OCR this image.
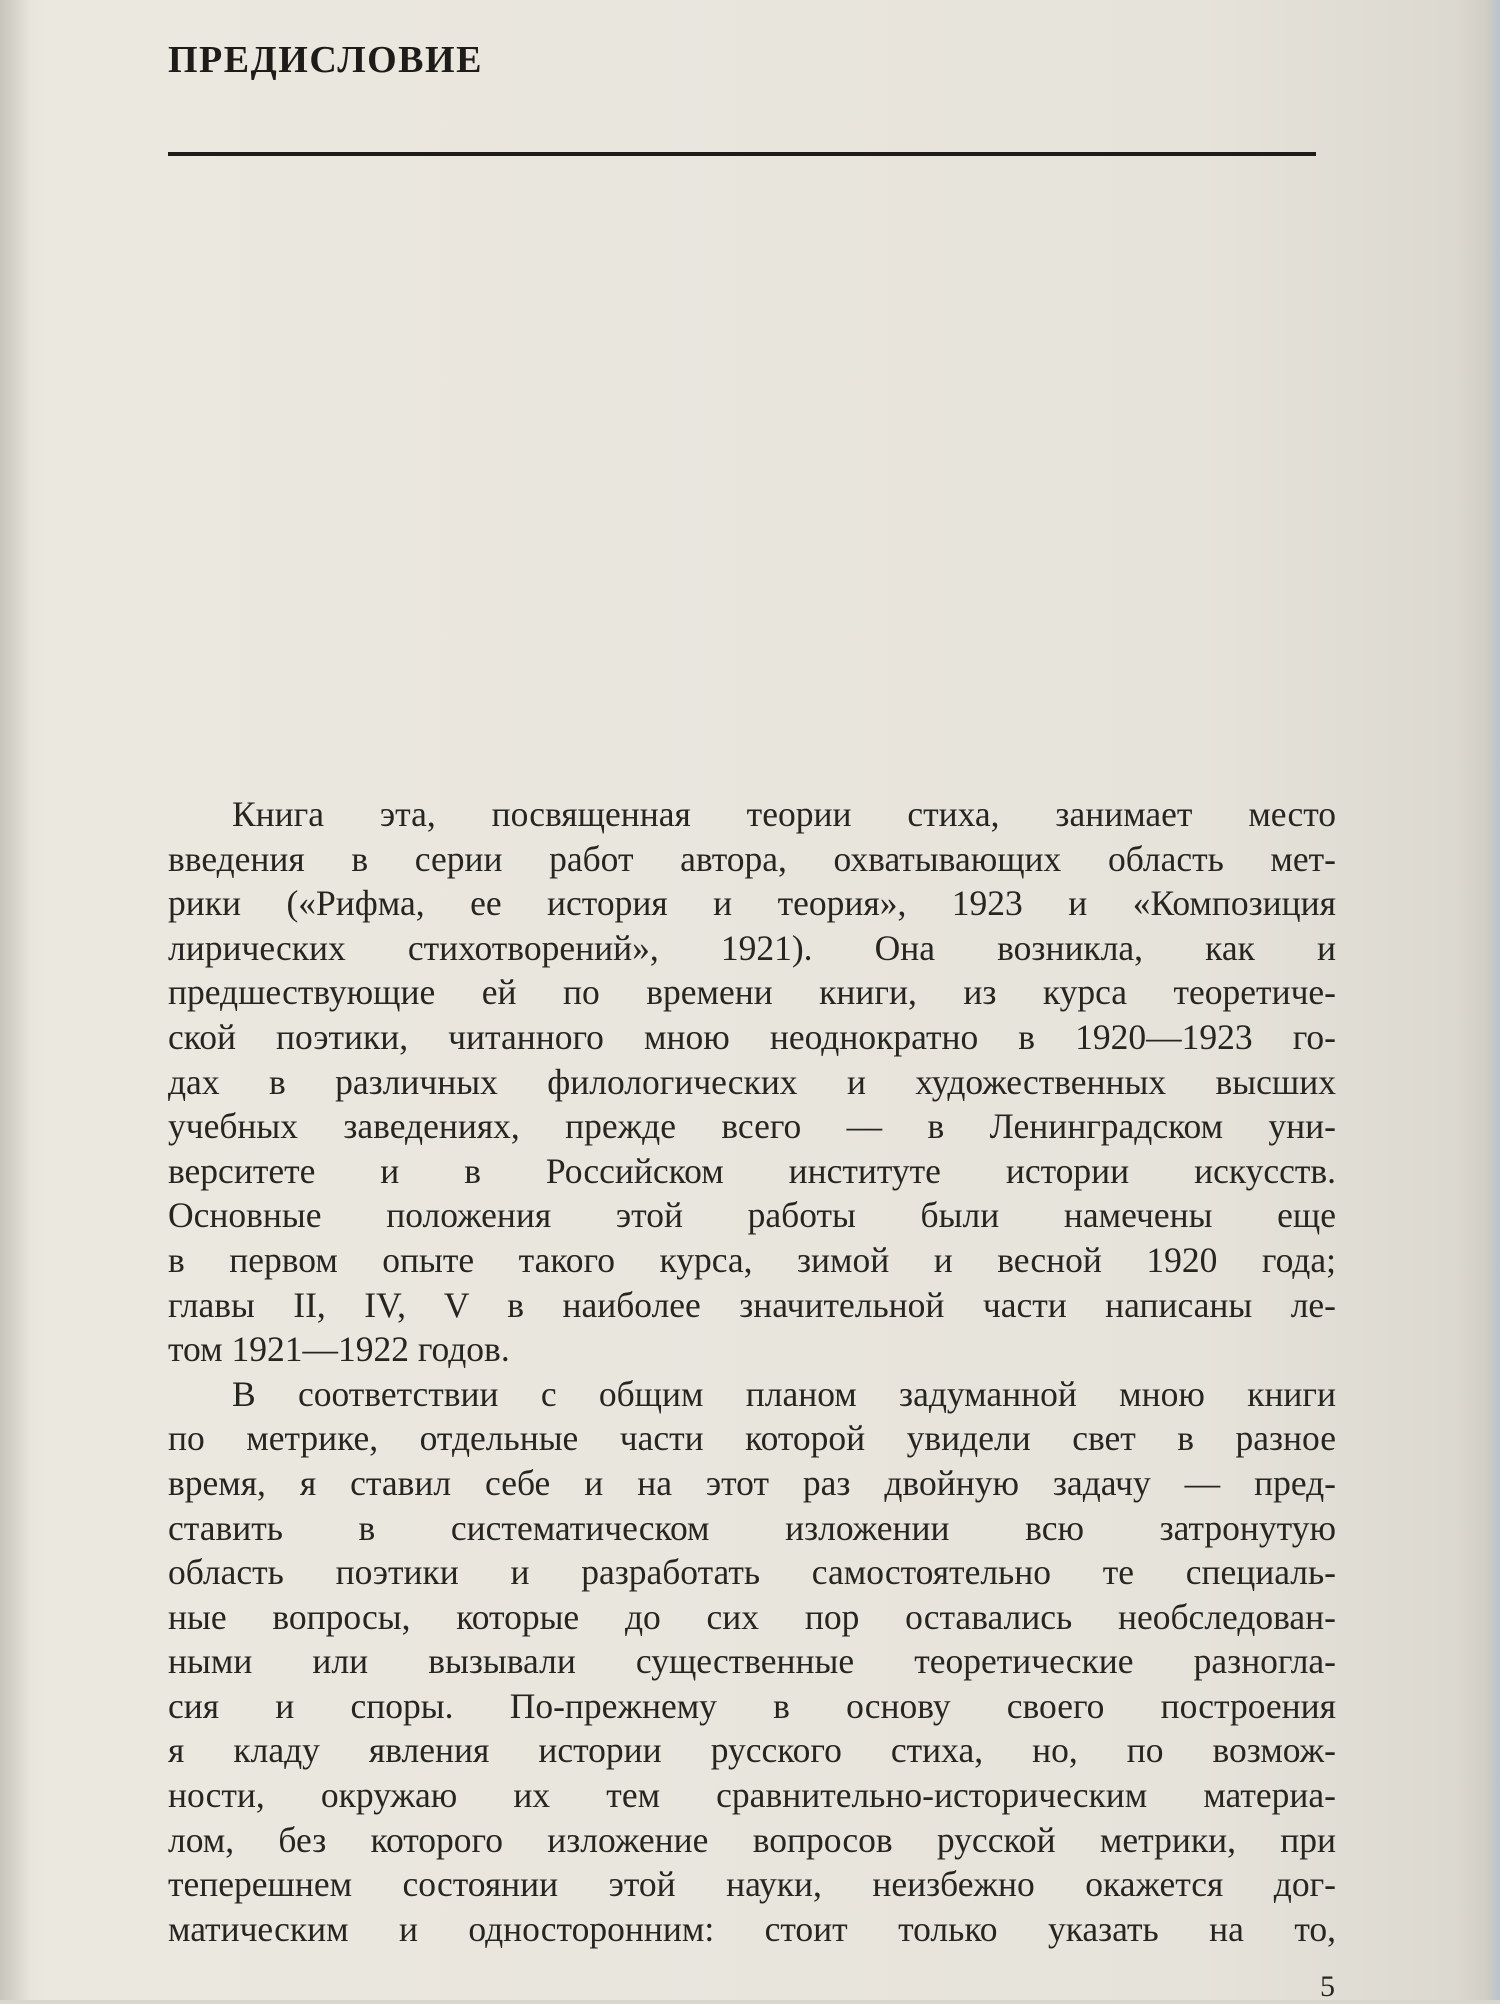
ПРЕДИСЛОВИЕ
Книга эта, посвященная теории стиха, занимает место
введения в серии работ автора, охватывающих область мет-
рики («Рифма, ее история и теория», 1923 и «Композиция
лирических стихотворений», 1921). Она возникла, как и
предшествующие ей по времени книги, из курса теоретиче-
ской поэтики, читанного мною неоднократно в 1920—1923 го-
дах в различных филологических и художественных высших
учебных заведениях, прежде всего — в Ленинградском уни-
верситете и в Российском институте истории искусств.
Основные положения этой работы были намечены еще
в первом опыте такого курса, зимой и весной 1920 года;
главы II, IV, V в наиболее значительной части написаны ле-
том 1921—1922 годов.
В соответствии с общим планом задуманной мною книги
по метрике, отдельные части которой увидели свет в разное
время, я ставил себе и на этот раз двойную задачу — пред-
ставить в систематическом изложении всю затронутую
область поэтики и разработать самостоятельно те специаль-
ные вопросы, которые до сих пор оставались необследован-
ными или вызывали существенные теоретические разногла-
сия и споры. По-прежнему в основу своего построения
я кладу явления истории русского стиха, но, по возмож-
ности, окружаю их тем сравнительно-историческим материа-
лом, без которого изложение вопросов русской метрики, при
теперешнем состоянии этой науки, неизбежно окажется дог-
матическим и односторонним: стоит только указать на то,
5
